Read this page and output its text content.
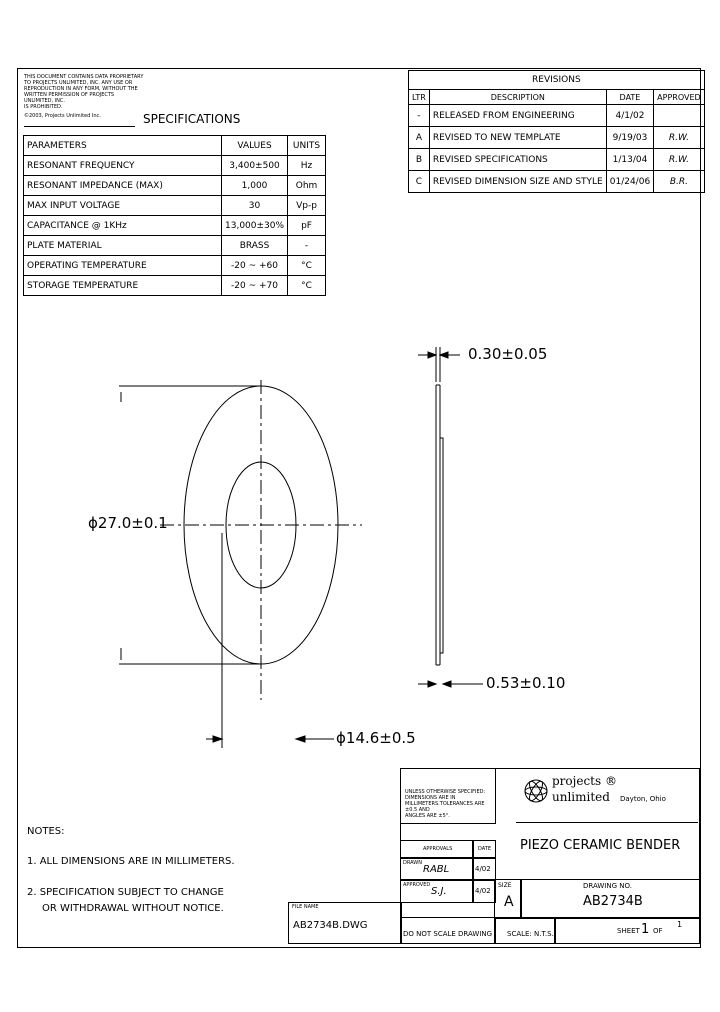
THIS DOCUMENT CONTAINS DATA PROPRIETARY
TO PROJECTS UNLIMITED, INC. ANY USE OR
REPRODUCTION IN ANY FORM, WITHOUT THE
WRITTEN PERMISSION OF PROJECTS UNLIMITED, INC.
IS PROHIBITED.
©2003, Projects Unlimited Inc.	SPECIFICATIONS
PARAMETERS	VALUES	UNITS
RESONANT FREQUENCY	3,400±500	Hz
RESONANT IMPEDANCE (MAX)	1,000	Ohm
MAX INPUT VOLTAGE	30	Vp-p
CAPACITANCE @ 1KHz	13,000±30%	pF
PLATE MATERIAL	BRASS	-
OPERATING TEMPERATURE	-20 ~ +60	°C
STORAGE TEMPERATURE	-20 ~ +70	°C
REVISIONS			
LTR	DESCRIPTION	DATE	APPROVED
-	RELEASED FROM ENGINEERING	4/1/02	
A	REVISED TO NEW TEMPLATE	9/19/03	R.W.
B	REVISED SPECIFICATIONS	1/13/04	R.W.
C	REVISED DIMENSION SIZE AND STYLE	01/24/06	B.R.
ϕ27.0±0.1
ϕ14.6±0.5
0.30±0.05
0.53±0.10
NOTES:
1. ALL DIMENSIONS ARE IN MILLIMETERS.
2. SPECIFICATION SUBJECT TO CHANGE
OR WITHDRAWAL WITHOUT NOTICE.	FILE NAME
AB2734B.DWG
UNLESS OTHERWISE SPECIFIED:
DIMENSIONS ARE IN
MILLIMETERS.TOLERANCES ARE ±0.5 AND
ANGLES ARE ±5°.
projects ®
unlimited Dayton, Ohio
APPROVALS	DATE
DRAWN
RABL	4/02
APPROVED
S.J.	4/02
PIEZO CERAMIC BENDER
SIZE
A
DRAWING NO.
AB2734B
DO NOT SCALE DRAWING SCALE: N.T.S.	SHEET 1 OF
1
